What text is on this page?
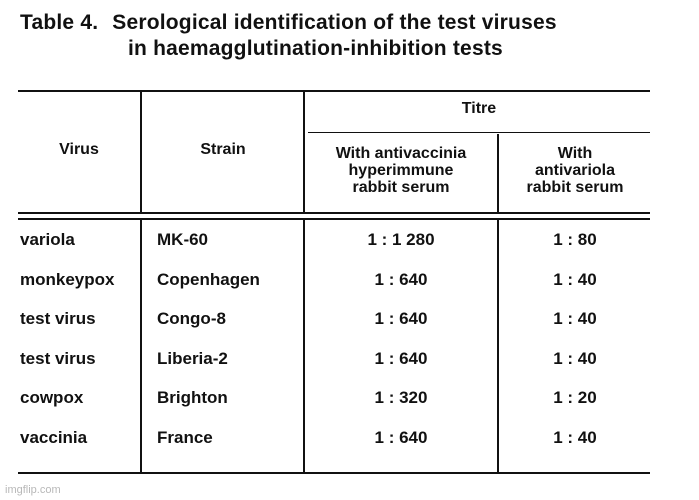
Table 4. Serological identification of the test viruses
in haemagglutination-inhibition tests
Virus	Strain
Titre
With antivaccinia
hyperimmune
rabbit serum
With
antivariola
rabbit serum
variola	MK-60	1 : 1 280	1 : 80
monkeypox	Copenhagen	1 : 640	1 : 40
test virus	Congo-8	1 : 640	1 : 40
test virus	Liberia-2	1 : 640	1 : 40
cowpox	Brighton	1 : 320	1 : 20
vaccinia	France	1 : 640	1 : 40
imgflip.com
